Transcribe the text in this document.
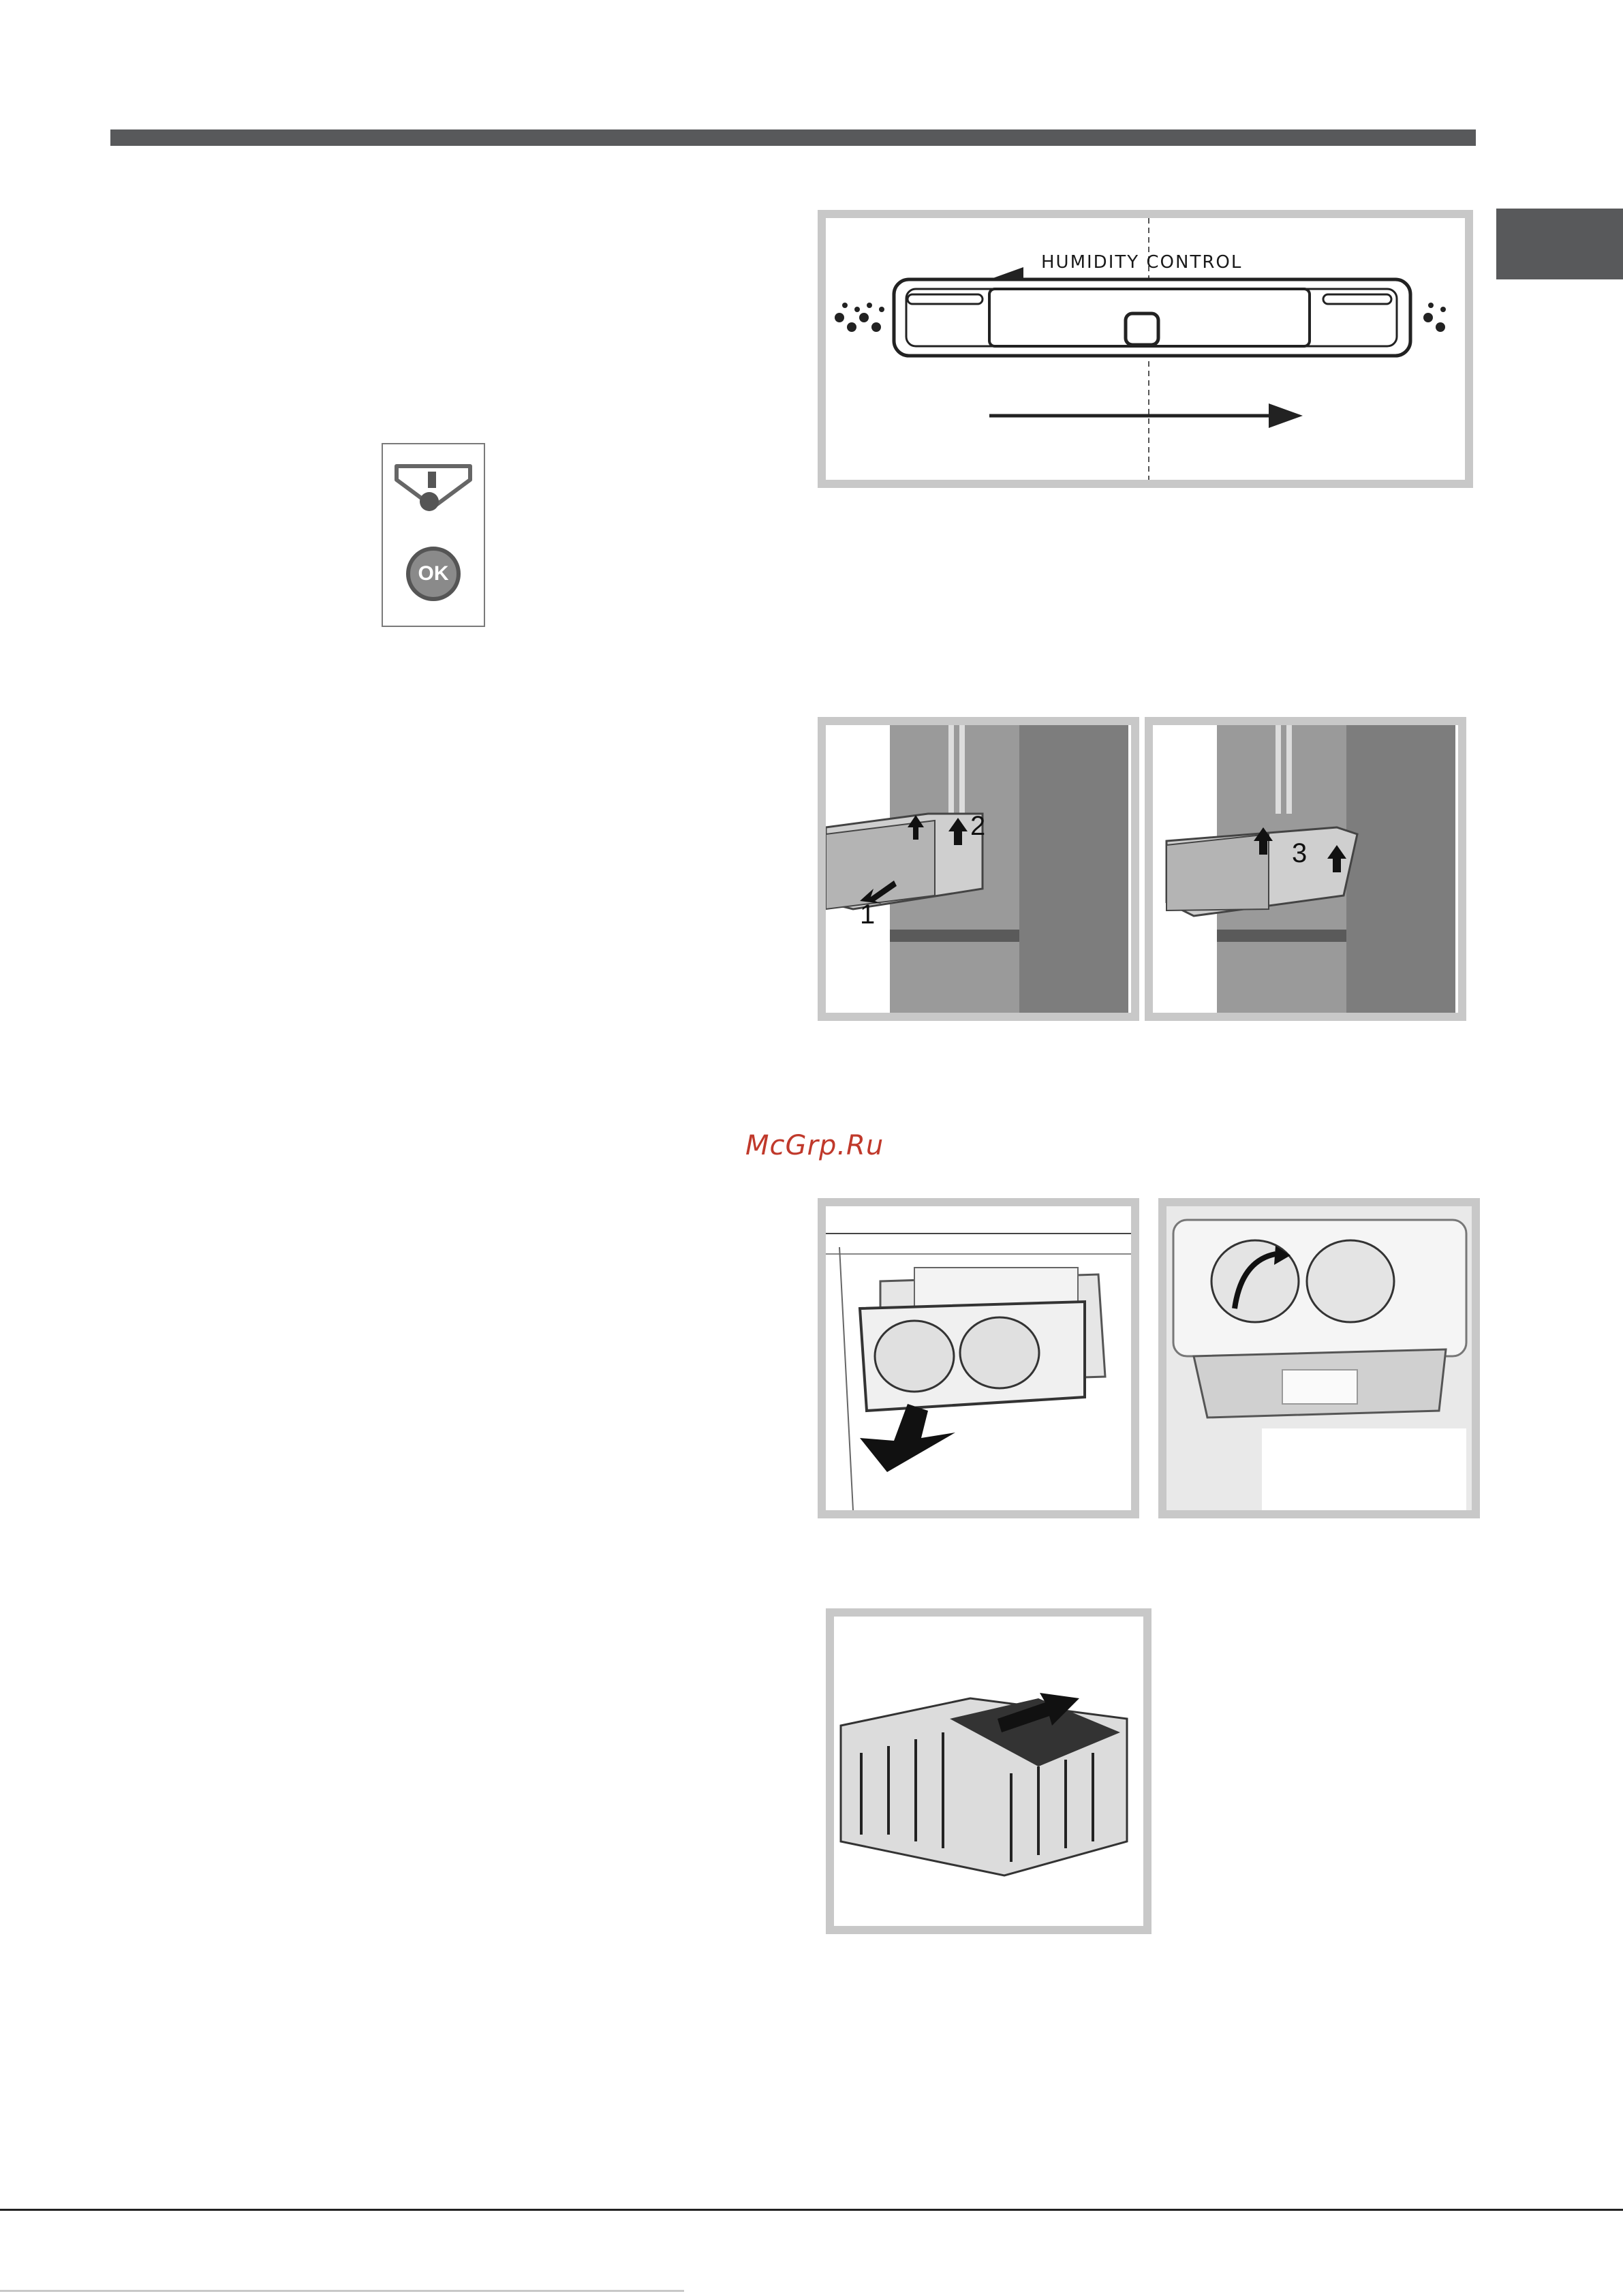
HUMIDITY CONTROL
OK
2
1
3
McGrp.Ru
